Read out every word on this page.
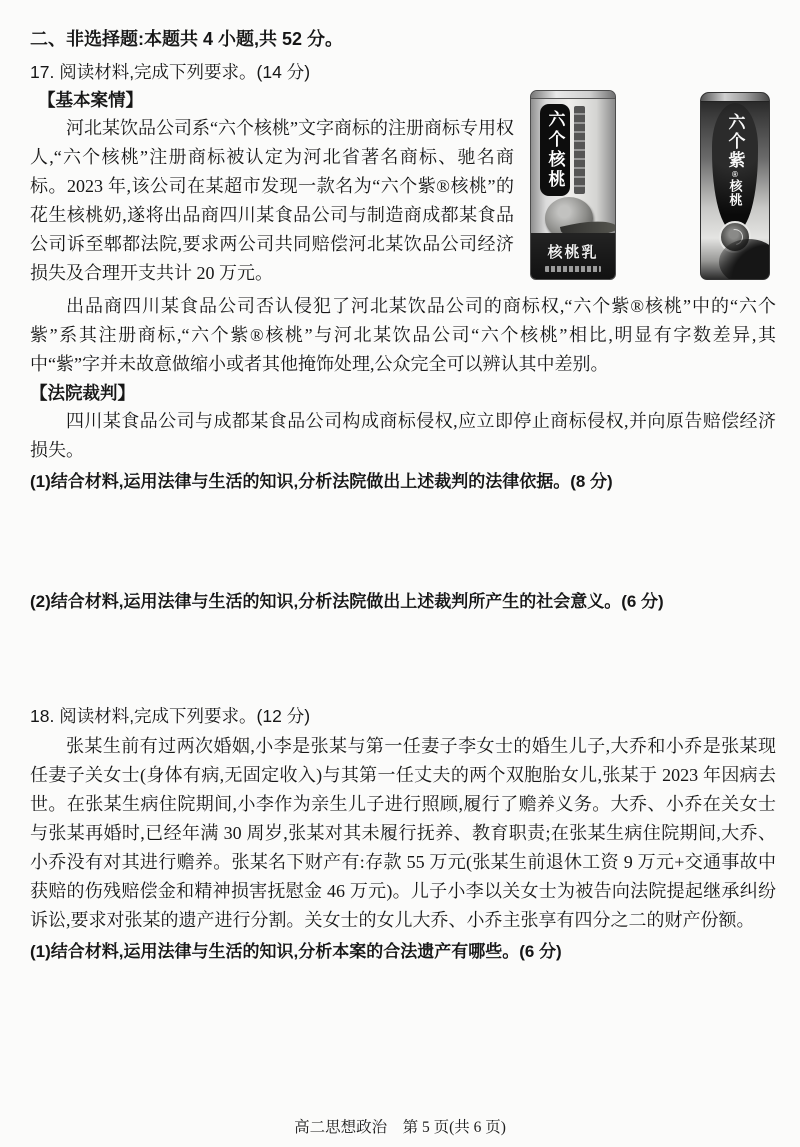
二、非选择题:本题共 4 小题,共 52 分。

17. 阅读材料,完成下列要求。(14 分)

六个核桃
核桃乳
六个紫®核桃

【基本案情】

河北某饮品公司系“六个核桃”文字商标的注册商标专用权人,“六个核桃”注册商标被认定为河北省著名商标、驰名商标。2023 年,该公司在某超市发现一款名为“六个紫®核桃”的花生核桃奶,遂将出品商四川某食品公司与制造商成都某食品公司诉至郫都法院,要求两公司共同赔偿河北某饮品公司经济损失及合理开支共计 20 万元。

出品商四川某食品公司否认侵犯了河北某饮品公司的商标权,“六个紫®核桃”中的“六个紫”系其注册商标,“六个紫®核桃”与河北某饮品公司“六个核桃”相比,明显有字数差异,其中“紫”字并未故意做缩小或者其他掩饰处理,公众完全可以辨认其中差别。

【法院裁判】

四川某食品公司与成都某食品公司构成商标侵权,应立即停止商标侵权,并向原告赔偿经济损失。

(1)结合材料,运用法律与生活的知识,分析法院做出上述裁判的法律依据。(8 分)

(2)结合材料,运用法律与生活的知识,分析法院做出上述裁判所产生的社会意义。(6 分)

18. 阅读材料,完成下列要求。(12 分)

张某生前有过两次婚姻,小李是张某与第一任妻子李女士的婚生儿子,大乔和小乔是张某现任妻子关女士(身体有病,无固定收入)与其第一任丈夫的两个双胞胎女儿,张某于 2023 年因病去世。在张某生病住院期间,小李作为亲生儿子进行照顾,履行了赡养义务。大乔、小乔在关女士与张某再婚时,已经年满 30 周岁,张某对其未履行抚养、教育职责;在张某生病住院期间,大乔、小乔没有对其进行赡养。张某名下财产有:存款 55 万元(张某生前退休工资 9 万元+交通事故中获赔的伤残赔偿金和精神损害抚慰金 46 万元)。儿子小李以关女士为被告向法院提起继承纠纷诉讼,要求对张某的遗产进行分割。关女士的女儿大乔、小乔主张享有四分之二的财产份额。

(1)结合材料,运用法律与生活的知识,分析本案的合法遗产有哪些。(6 分)

高二思想政治　第 5 页(共 6 页)
